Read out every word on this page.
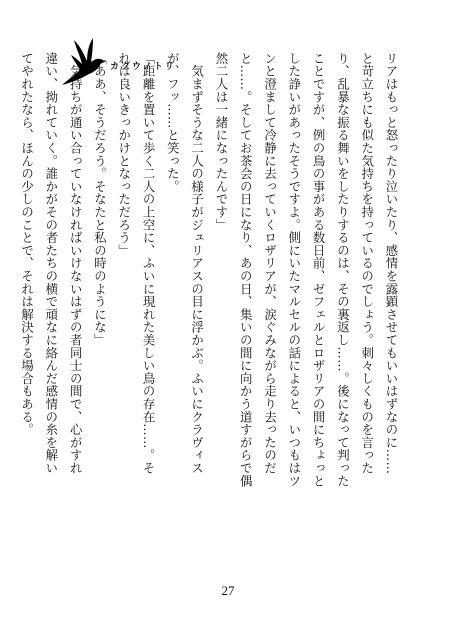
カクウノトリ	リアはもっと怒ったり泣いたり、感情を露顕させてもいいはずなのに……

と苛立ちにも似た気持ちを持っているのでしょう。刺々しくものを言った

り、乱暴な振る舞いをしたりするのは、その裏返し……。後になって判った

ことですが、例の鳥の事がある数日前、ゼフェルとロザリアの間にちょっと

した諍いがあったそうですよ。側にいたマルセルの話によると、いつもはツ

ンと澄まして冷静に去っていくロザリアが、涙ぐみながら走り去ったのだ

と……。そしてお茶会の日になり、あの日、集いの間に向かう道すがらで偶

然二人は一緒になったんです」

　気まずそうな二人の様子がジュリアスの目に浮かぶ。ふいにクラヴィス

が、フッ……と笑った。

「距離を置いて歩く二人の上空に、ふいに現れた美しい鳥の存在……。そ

れは良いきっかけとなっただろう」

「ああ、そうだろう。そなたと私の時のようにな」

　気持ちが通い合っていなければいけないはずの者同士の間で、心がすれ

違い、拗れていく。誰かがその者たちの横で頑なに絡んだ感情の糸を解い

てやれたなら、ほんの少しのことで、それは解決する場合もある。

27
